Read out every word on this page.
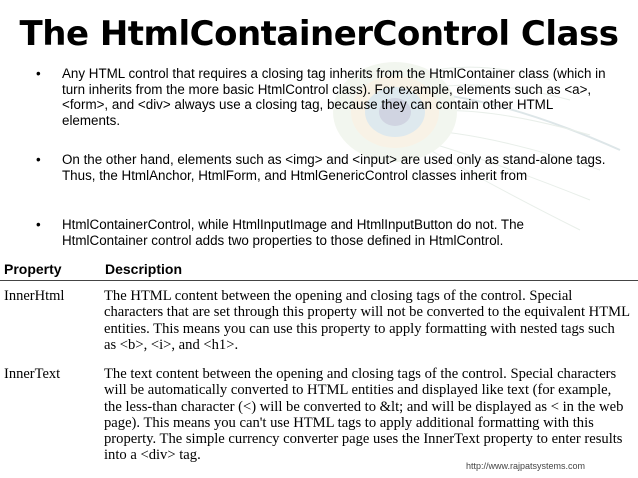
The HtmlContainerControl Class
• Any HTML control that requires a closing tag inherits from the HtmlContainer class (which in turn inherits from the more basic HtmlControl class). For example, elements such as <a>, <form>, and <div> always use a closing tag, because they can contain other HTML elements.
• On the other hand, elements such as <img> and <input> are used only as stand-alone tags. Thus, the HtmlAnchor, HtmlForm, and HtmlGenericControl classes inherit from
• HtmlContainerControl, while HtmlInputImage and HtmlInputButton do not. The HtmlContainer control adds two properties to those defined in HtmlControl.
Property	Description
InnerHtml	The HTML content between the opening and closing tags of the control. Special characters that are set through this property will not be converted to the equivalent HTML entities. This means you can use this property to apply formatting with nested tags such as <b>, <i>, and <h1>.
InnerText	The text content between the opening and closing tags of the control. Special characters will be automatically converted to HTML entities and displayed like text (for example, the less-than character (<) will be converted to &lt; and will be displayed as < in the web page). This means you can't use HTML tags to apply additional formatting with this property. The simple currency converter page uses the InnerText property to enter results into a <div> tag.
http://www.rajpatsystems.com
